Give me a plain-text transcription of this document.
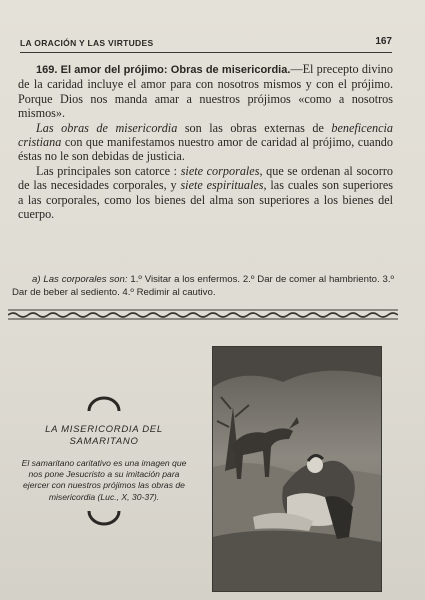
LA ORACIÓN Y LAS VIRTUDES	167

169. El amor del prójimo: Obras de misericordia.—El precepto divino de la caridad incluye el amor para con nosotros mismos y con el prójimo. Porque Dios nos manda amar a nuestros prójimos «como a nosotros mismos».

Las obras de misericordia son las obras externas de beneficencia cristiana con que manifestamos nuestro amor de caridad al prójimo, cuando éstas no le son debidas de justicia.

Las principales son catorce : siete corporales, que se ordenan al socorro de las necesidades corporales, y siete espirituales, las cuales son superiores a las corporales, como los bienes del alma son superiores a los bienes del cuerpo.

a) Las corporales son: 1.º Visitar a los enfermos. 2.º Dar de comer al hambriento. 3.º Dar de beber al sediento. 4.º Redimir al cautivo.
LA MISERICORDIA DEL SAMARITANO
El samaritano caritativo es una imagen que nos pone Jesucristo a su imitación para ejercer con nuestros prójimos las obras de misericordia (Luc., X, 30-37).
